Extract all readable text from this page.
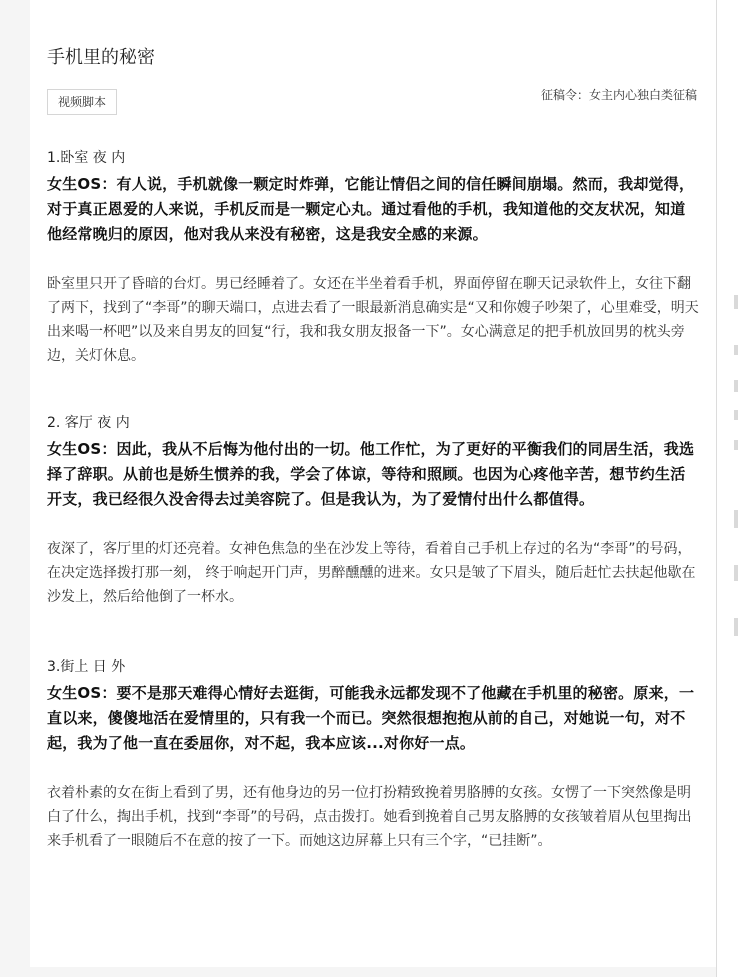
手机里的秘密
视频脚本	征稿令：女主内心独白类征稿

1.卧室 夜 内

女生OS：有人说，手机就像一颗定时炸弹，它能让情侣之间的信任瞬间崩塌。然而，我却觉得，对于真正恩爱的人来说，手机反而是一颗定心丸。通过看他的手机，我知道他的交友状况，知道他经常晚归的原因，他对我从来没有秘密，这是我安全感的来源。

卧室里只开了昏暗的台灯。男已经睡着了。女还在半坐着看手机，界面停留在聊天记录软件上，女往下翻了两下，找到了“李哥”的聊天端口，点进去看了一眼最新消息确实是“又和你嫂子吵架了，心里难受，明天出来喝一杯吧”以及来自男友的回复“行，我和我女朋友报备一下”。女心满意足的把手机放回男的枕头旁边，关灯休息。

2. 客厅 夜 内

女生OS：因此，我从不后悔为他付出的一切。他工作忙，为了更好的平衡我们的同居生活，我选择了辞职。从前也是娇生惯养的我，学会了体谅，等待和照顾。也因为心疼他辛苦，想节约生活开支，我已经很久没舍得去过美容院了。但是我认为，为了爱情付出什么都值得。

夜深了，客厅里的灯还亮着。女神色焦急的坐在沙发上等待，看着自己手机上存过的名为“李哥”的号码，在决定选择拨打那一刻， 终于响起开门声，男醉醺醺的进来。女只是皱了下眉头，随后赶忙去扶起他歇在沙发上，然后给他倒了一杯水。

3.街上 日 外

女生OS：要不是那天难得心情好去逛街，可能我永远都发现不了他藏在手机里的秘密。原来，一直以来，傻傻地活在爱情里的，只有我一个而已。突然很想抱抱从前的自己，对她说一句，对不起，我为了他一直在委屈你，对不起，我本应该...对你好一点。

衣着朴素的女在街上看到了男，还有他身边的另一位打扮精致挽着男胳膊的女孩。女愣了一下突然像是明白了什么，掏出手机，找到“李哥”的号码，点击拨打。她看到挽着自己男友胳膊的女孩皱着眉从包里掏出来手机看了一眼随后不在意的按了一下。而她这边屏幕上只有三个字，“已挂断”。
